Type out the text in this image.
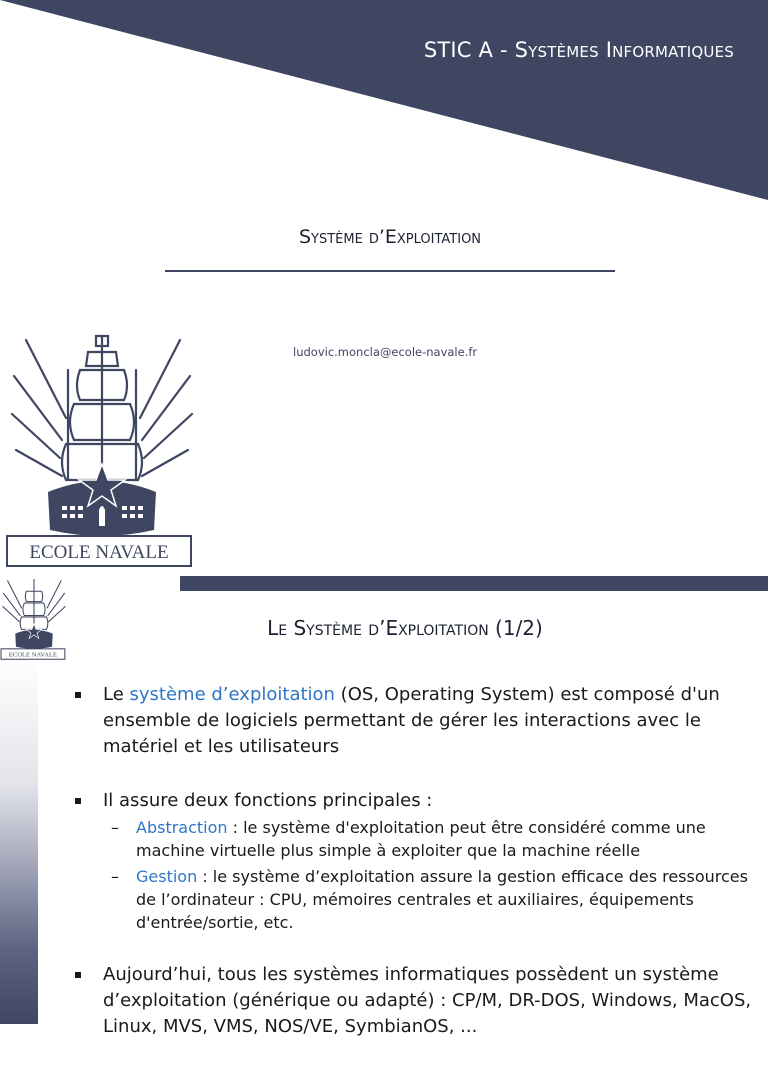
STIC A - Systèmes Informatiques
Système d’Exploitation
ludovic.moncla@ecole-navale.fr
ECOLE NAVALE
ECOLE NAVALE
Le Système d’Exploitation (1/2)
Le système d’exploitation (OS, Operating System) est composé d'un ensemble de logiciels permettant de gérer les interactions avec le matériel et les utilisateurs
Il assure deux fonctions principales :
– Abstraction : le système d'exploitation peut être considéré comme une machine virtuelle plus simple à exploiter que la machine réelle
– Gestion : le système d’exploitation assure la gestion efficace des ressources de l’ordinateur : CPU, mémoires centrales et auxiliaires, équipements d'entrée/sortie, etc.
Aujourd’hui, tous les systèmes informatiques possèdent un système d’exploitation (générique ou adapté) : CP/M, DR-DOS, Windows, MacOS, Linux, MVS, VMS, NOS/VE, SymbianOS, ...
